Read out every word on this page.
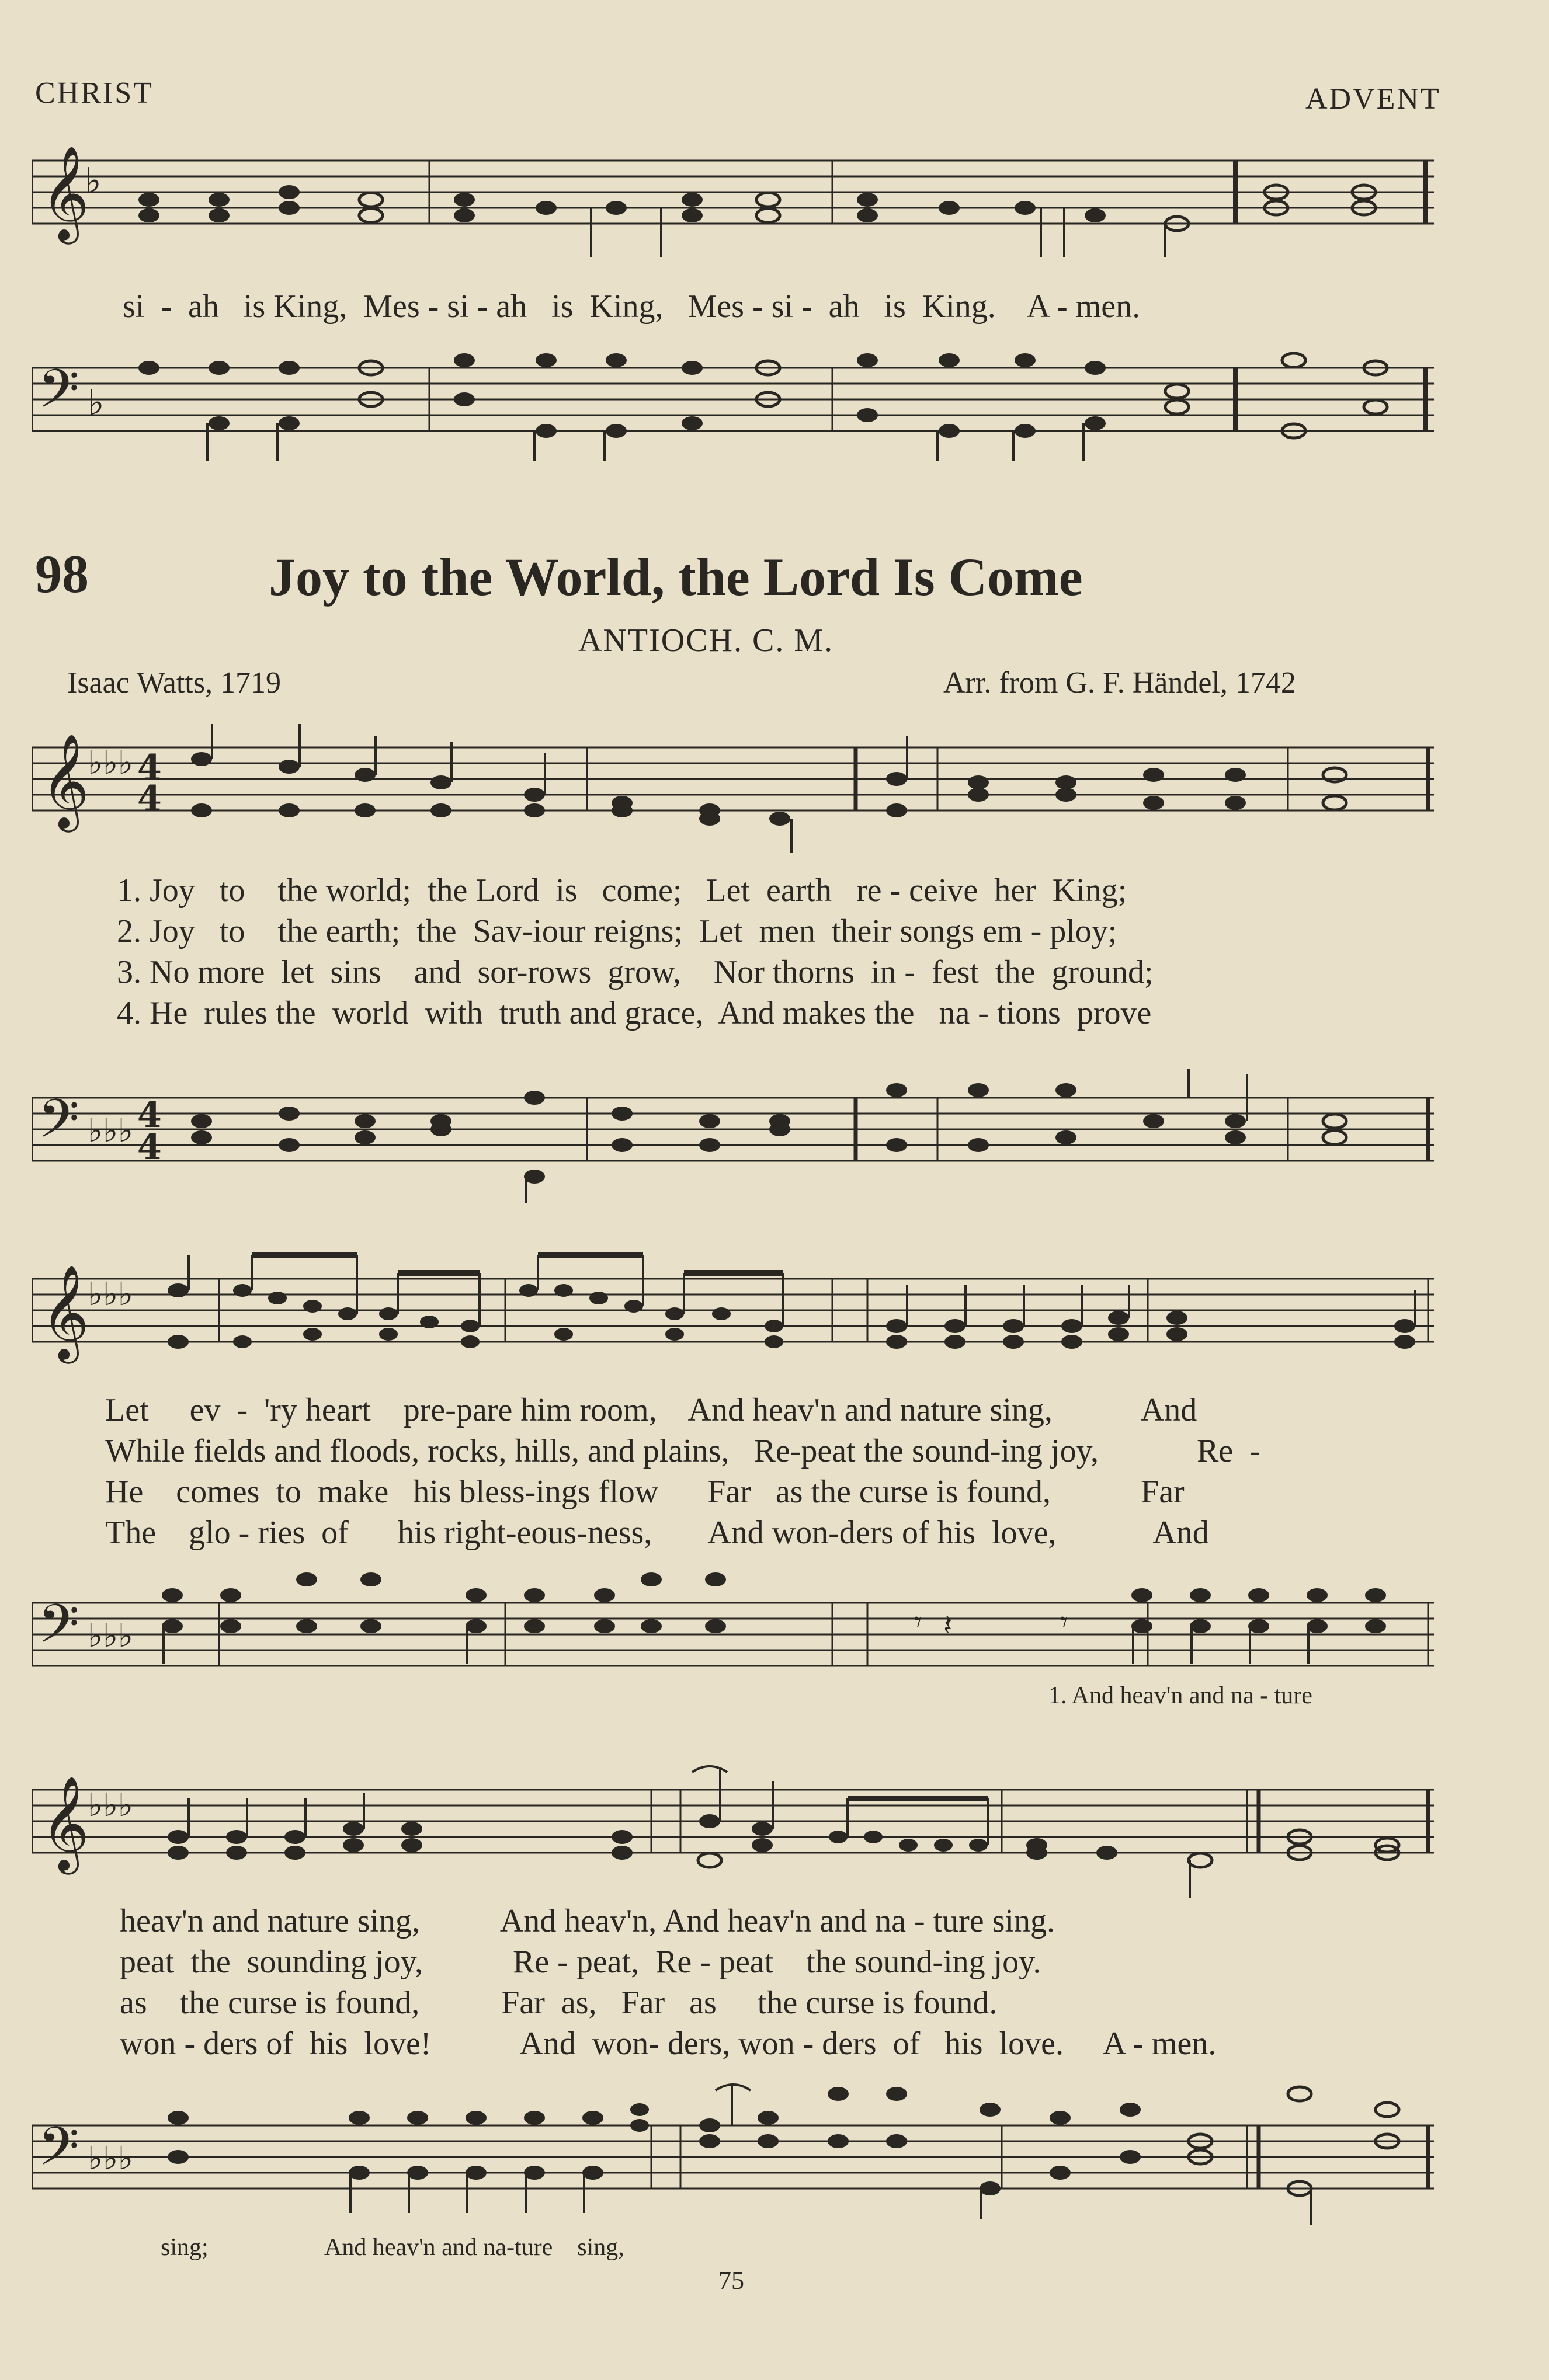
CHRIST	ADVENT
𝄞
♭
si  -  ah   is King,  Mes - si - ah   is  King,   Mes - si -  ah   is  King.    A - men.
𝄢 ♭
98	Joy to the World, the Lord Is Come
ANTIOCH. C. M.
Isaac Watts, 1719	Arr. from G. F. Händel, 1742
𝄞
♭♭♭ 4
4
1. Joy   to    the world;  the Lord  is   come;   Let  earth   re - ceive  her  King;
2. Joy   to    the earth;  the  Sav-iour reigns;  Let  men  their songs em - ploy;
3. No more  let  sins    and  sor-rows  grow,    Nor thorns  in -  fest  the  ground;
4. He  rules the  world  with  truth and grace,  And makes the   na - tions  prove
𝄢 ♭♭♭ 4
4
𝄞
♭♭♭
Let     ev  -  'ry heart    pre-pare him room,    And heav'n and nature sing,           And
While fields and floods, rocks, hills, and plains,   Re-peat the sound-ing joy,            Re  -
He    comes  to  make   his bless-ings flow      Far   as the curse is found,           Far
The    glo - ries  of      his right-eous-ness,       And won-ders of his  love,            And
𝄢 ♭♭♭	𝄾 𝄽	𝄾
1. And heav'n and na - ture
𝄞
♭♭♭
heav'n and nature sing,          And heav'n, And heav'n and na - ture sing.
peat  the  sounding joy,           Re - peat,  Re - peat    the sound-ing joy.
as    the curse is found,          Far  as,   Far   as     the curse is found.
won - ders of  his  love!           And  won- ders, won - ders  of   his  love.     A - men.
𝄢 ♭♭♭
sing;	And heav'n and na-ture    sing,
75
